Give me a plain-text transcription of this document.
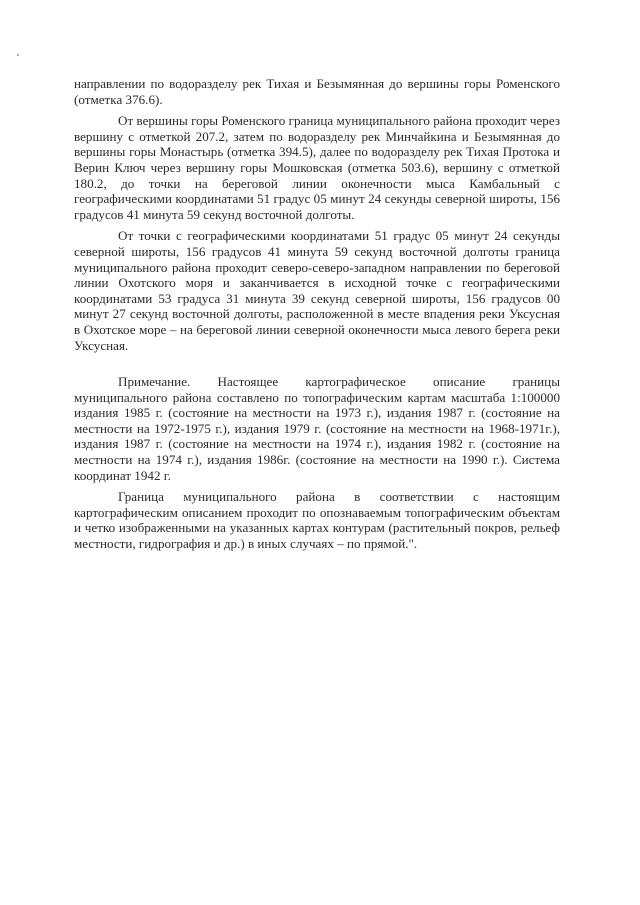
направлении по водоразделу рек Тихая и Безымянная до вершины горы Роменского (отметка 376.6).

От вершины горы Роменского граница муниципального района проходит через вершину с отметкой 207.2, затем по водоразделу рек Минчайкина и Безымянная до вершины горы Монастырь (отметка 394.5), далее по водоразделу рек Тихая Протока и Верин Ключ через вершину горы Мошковская (отметка 503.6), вершину с отметкой 180.2, до точки на береговой линии оконечности мыса Камбальный с географическими координатами 51 градус 05 минут 24 секунды северной широты, 156 градусов 41 минута 59 секунд восточной долготы.

От точки с географическими координатами 51 градус 05 минут 24 секунды северной широты, 156 градусов 41 минута 59 секунд восточной долготы граница муниципального района проходит северо-северо-западном направлении по береговой линии Охотского моря и заканчивается в исходной точке с географическими координатами 53 градуса 31 минута 39 секунд северной широты, 156 градусов 00 минут 27 секунд восточной долготы, расположенной в месте впадения реки Уксусная в Охотское море – на береговой линии северной оконечности мыса левого берега реки Уксусная.

Примечание. Настоящее картографическое описание границы муниципального района составлено по топографическим картам масштаба 1:100000 издания 1985 г. (состояние на местности на 1973 г.), издания 1987 г. (состояние на местности на 1972-1975 г.), издания 1979 г. (состояние на местности на 1968-1971г.), издания 1987 г. (состояние на местности на 1974 г.), издания 1982 г. (состояние на местности на 1974 г.), издания 1986г. (состояние на местности на 1990 г.). Система координат 1942 г.

Граница муниципального района в соответствии с настоящим картографическим описанием проходит по опознаваемым топографическим объектам и четко изображенными на указанных картах контурам (растительный покров, рельеф местности, гидрография и др.) в иных случаях – по прямой.".
